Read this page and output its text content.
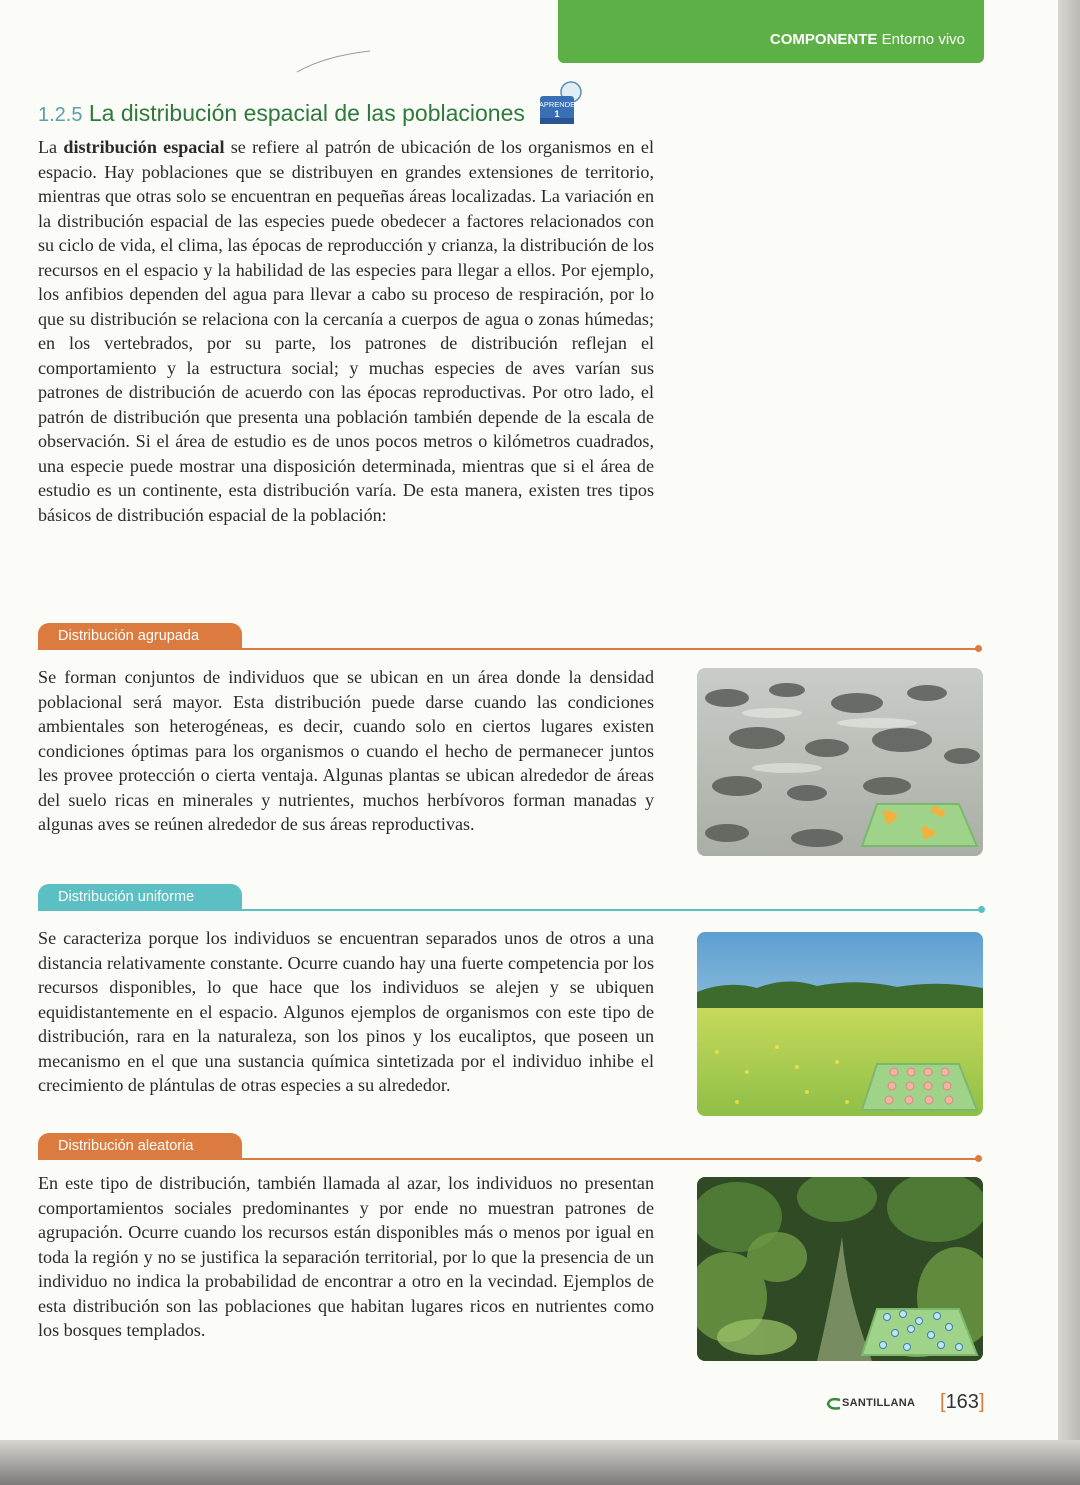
COMPONENTE Entorno vivo
1.2.5 La distribución espacial de las poblaciones APRENDE
1
La distribución espacial se refiere al patrón de ubicación de los organismos en el espacio. Hay poblaciones que se distribuyen en grandes extensiones de territorio, mientras que otras solo se encuentran en pequeñas áreas localizadas. La variación en la distribución espacial de las especies puede obedecer a factores relacionados con su ciclo de vida, el clima, las épocas de reproducción y crianza, la distribución de los recursos en el espacio y la habilidad de las especies para llegar a ellos. Por ejemplo, los anfibios dependen del agua para llevar a cabo su proceso de respiración, por lo que su distribución se relaciona con la cercanía a cuerpos de agua o zonas húmedas; en los vertebrados, por su parte, los patrones de distribución reflejan el comportamiento y la estructura social; y muchas especies de aves varían sus patrones de distribución de acuerdo con las épocas reproductivas. Por otro lado, el patrón de distribución que presenta una población también depende de la escala de observación. Si el área de estudio es de unos pocos metros o kilómetros cuadrados, una especie puede mostrar una disposición determinada, mientras que si el área de estudio es un continente, esta distribución varía. De esta manera, existen tres tipos básicos de distribución espacial de la población:
Distribución agrupada
Se forman conjuntos de individuos que se ubican en un área donde la densidad poblacional será mayor. Esta distribución puede darse cuando las condiciones ambientales son heterogéneas, es decir, cuando solo en ciertos lugares existen condiciones óptimas para los organismos o cuando el hecho de permanecer juntos les provee protección o cierta ventaja. Algunas plantas se ubican alrededor de áreas del suelo ricas en minerales y nutrientes, muchos herbívoros forman manadas y algunas aves se reúnen alrededor de sus áreas reproductivas.
Distribución uniforme
Se caracteriza porque los individuos se encuentran separados unos de otros a una distancia relativamente constante. Ocurre cuando hay una fuerte competencia por los recursos disponibles, lo que hace que los individuos se alejen y se ubiquen equidistantemente en el espacio. Algunos ejemplos de organismos con este tipo de distribución, rara en la naturaleza, son los pinos y los eucaliptos, que poseen un mecanismo en el que una sustancia química sintetizada por el individuo inhibe el crecimiento de plántulas de otras especies a su alrededor.
Distribución aleatoria
En este tipo de distribución, también llamada al azar, los individuos no presentan comportamientos sociales predominantes y por ende no muestran patrones de agrupación. Ocurre cuando los recursos están disponibles más o menos por igual en toda la región y no se justifica la separación territorial, por lo que la presencia de un individuo no indica la probabilidad de encontrar a otro en la vecindad. Ejemplos de esta distribución son las poblaciones que habitan lugares ricos en nutrientes como los bosques templados.
SANTILLANA [163]
